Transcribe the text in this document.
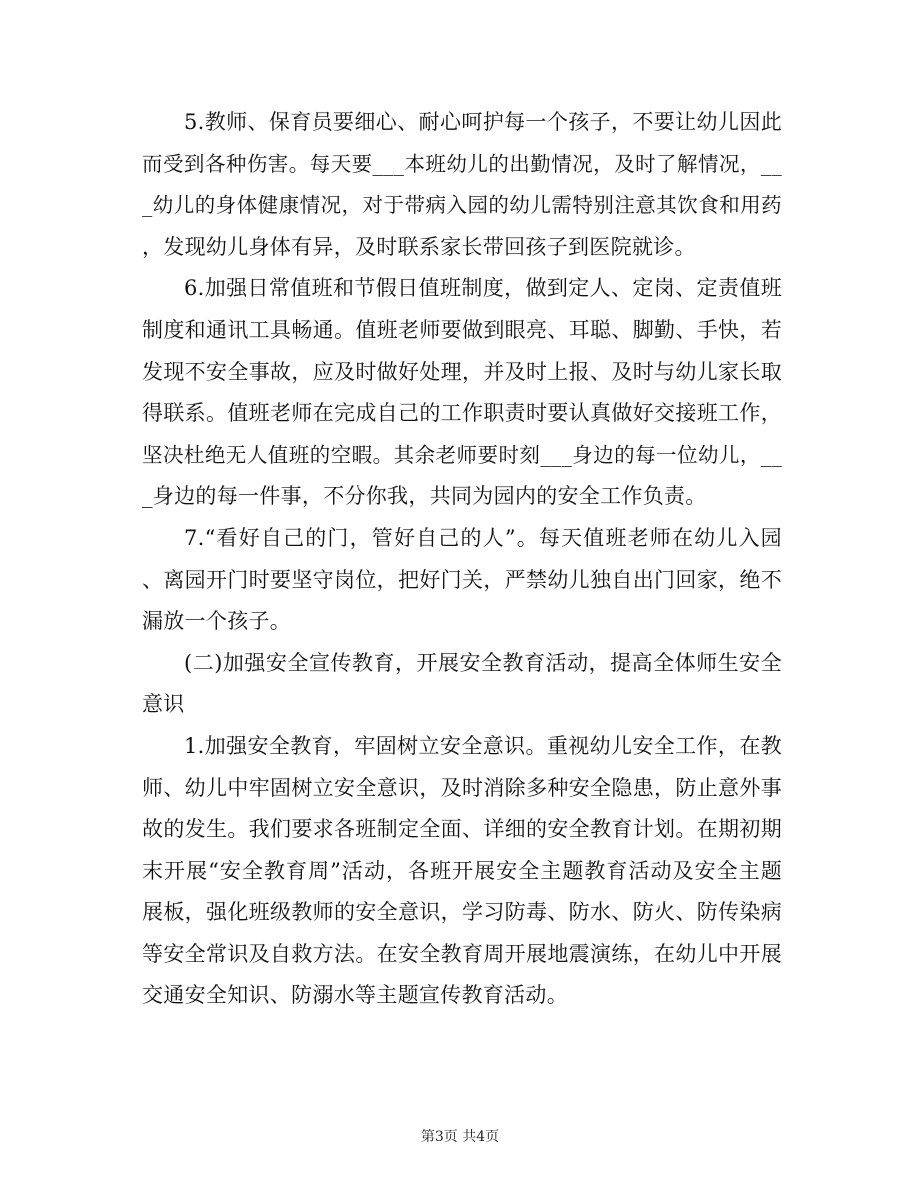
5.教师、保育员要细心、耐心呵护每一个孩子，不要让幼儿因此
而受到各种伤害。每天要___本班幼儿的出勤情况，及时了解情况，__
_幼儿的身体健康情况，对于带病入园的幼儿需特别注意其饮食和用药
，发现幼儿身体有异，及时联系家长带回孩子到医院就诊。
6.加强日常值班和节假日值班制度，做到定人、定岗、定责值班
制度和通讯工具畅通。值班老师要做到眼亮、耳聪、脚勤、手快，若
发现不安全事故，应及时做好处理，并及时上报、及时与幼儿家长取
得联系。值班老师在完成自己的工作职责时要认真做好交接班工作，
坚决杜绝无人值班的空暇。其余老师要时刻___身边的每一位幼儿，__
_身边的每一件事，不分你我，共同为园内的安全工作负责。
7.“看好自己的门，管好自己的人”。每天值班老师在幼儿入园
、离园开门时要坚守岗位，把好门关，严禁幼儿独自出门回家，绝不
漏放一个孩子。
(二)加强安全宣传教育，开展安全教育活动，提高全体师生安全
意识
1.加强安全教育，牢固树立安全意识。重视幼儿安全工作，在教
师、幼儿中牢固树立安全意识，及时消除多种安全隐患，防止意外事
故的发生。我们要求各班制定全面、详细的安全教育计划。在期初期
末开展“安全教育周”活动，各班开展安全主题教育活动及安全主题
展板，强化班级教师的安全意识，学习防毒、防水、防火、防传染病
等安全常识及自救方法。在安全教育周开展地震演练，在幼儿中开展
交通安全知识、防溺水等主题宣传教育活动。
第3页 共4页
